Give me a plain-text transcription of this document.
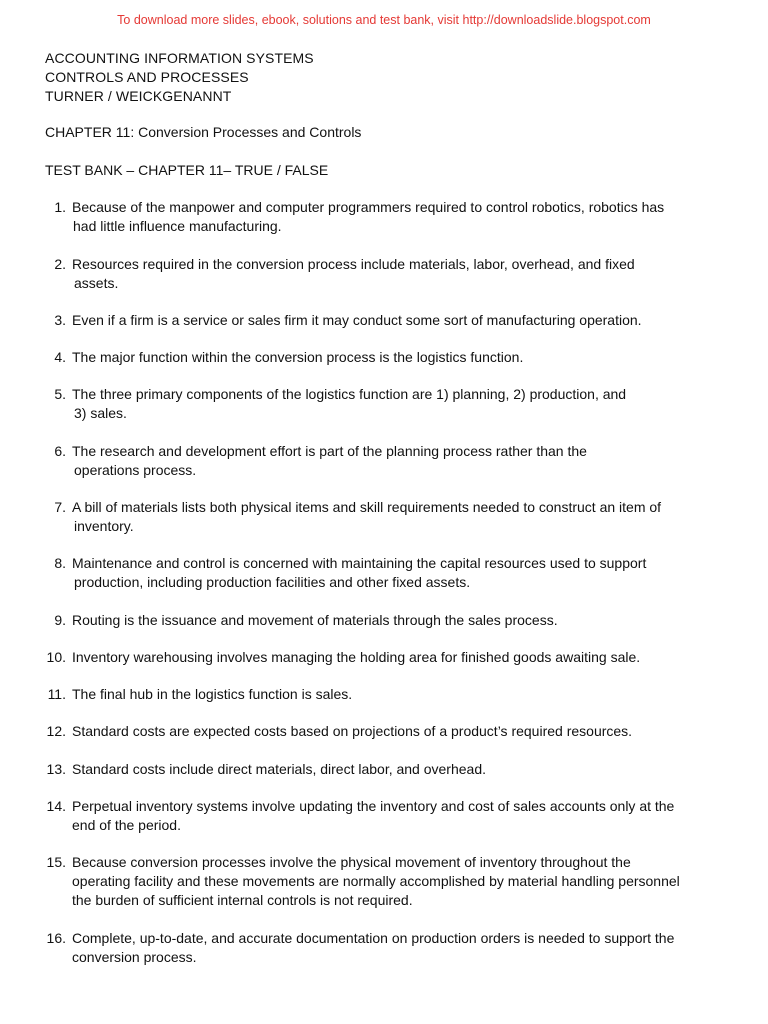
To download more slides, ebook, solutions and test bank, visit http://downloadslide.blogspot.com
ACCOUNTING INFORMATION SYSTEMS
CONTROLS AND PROCESSES
TURNER / WEICKGENANNT
CHAPTER 11: Conversion Processes and Controls
TEST BANK – CHAPTER 11– TRUE / FALSE
1. Because of the manpower and computer programmers required to control robotics, robotics has
had little influence manufacturing.
2. Resources required in the conversion process include materials, labor, overhead, and fixed
assets.
3. Even if a firm is a service or sales firm it may conduct some sort of manufacturing operation.
4. The major function within the conversion process is the logistics function.
5. The three primary components of the logistics function are 1) planning, 2) production, and
3) sales.
6. The research and development effort is part of the planning process rather than the
operations process.
7. A bill of materials lists both physical items and skill requirements needed to construct an item of
inventory.
8. Maintenance and control is concerned with maintaining the capital resources used to support
production, including production facilities and other fixed assets.
9. Routing is the issuance and movement of materials through the sales process.
10. Inventory warehousing involves managing the holding area for finished goods awaiting sale.
11. The final hub in the logistics function is sales.
12. Standard costs are expected costs based on projections of a product’s required resources.
13. Standard costs include direct materials, direct labor, and overhead.
14. Perpetual inventory systems involve updating the inventory and cost of sales accounts only at the
end of the period.
15. Because conversion processes involve the physical movement of inventory throughout the
operating facility and these movements are normally accomplished by material handling personnel
the burden of sufficient internal controls is not required.
16. Complete, up-to-date, and accurate documentation on production orders is needed to support the
conversion process.
